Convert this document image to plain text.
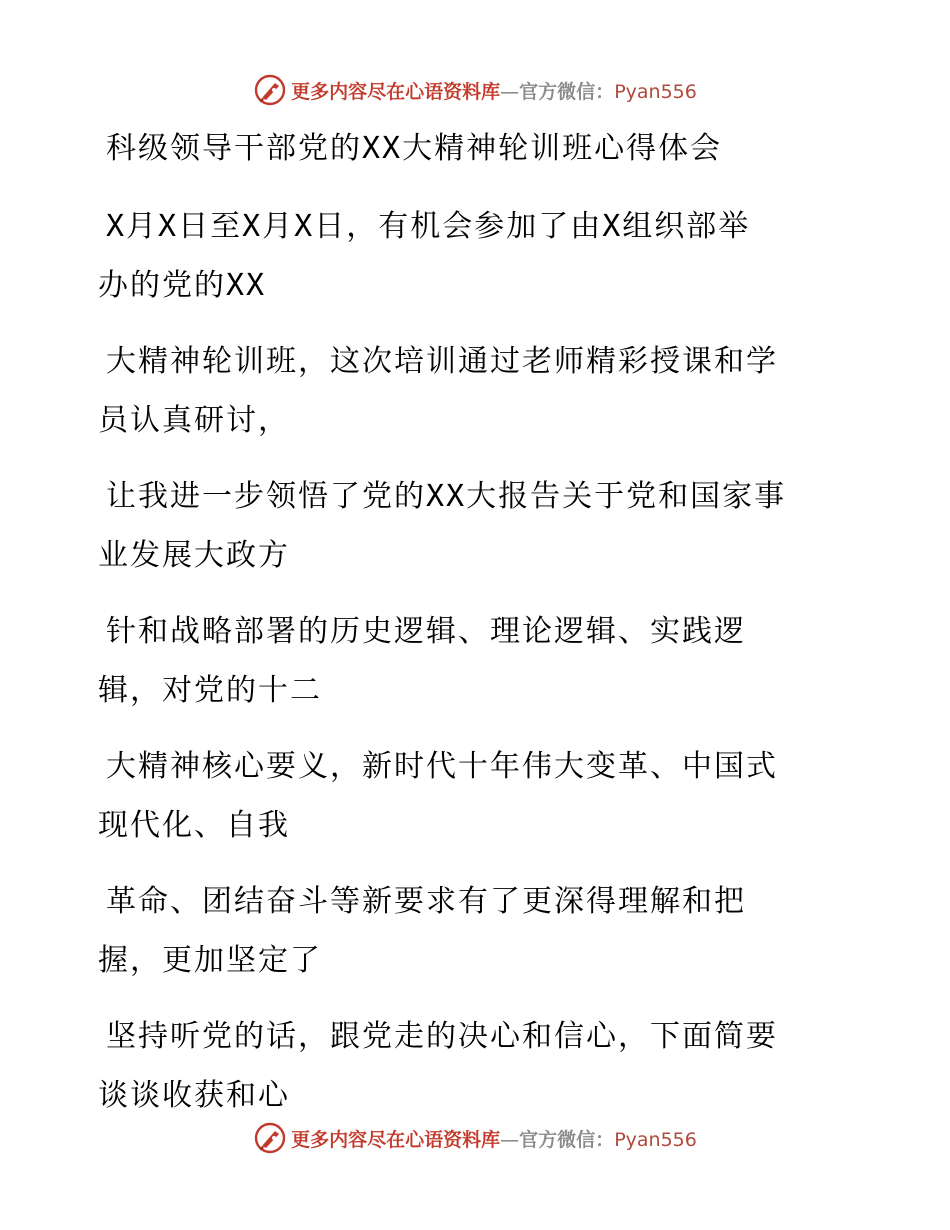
更多内容尽在心语资料库—官方微信：Pyan556
科级领导干部党的XX大精神轮训班心得体会
X月X日至X月X日，有机会参加了由X组织部举
办的党的XX
大精神轮训班，这次培训通过老师精彩授课和学
员认真研讨，
让我进一步领悟了党的XX大报告关于党和国家事
业发展大政方
针和战略部署的历史逻辑、理论逻辑、实践逻
辑，对党的十二
大精神核心要义，新时代十年伟大变革、中国式
现代化、自我
革命、团结奋斗等新要求有了更深得理解和把
握，更加坚定了
坚持听党的话，跟党走的决心和信心，下面简要
谈谈收获和心
更多内容尽在心语资料库—官方微信：Pyan556
